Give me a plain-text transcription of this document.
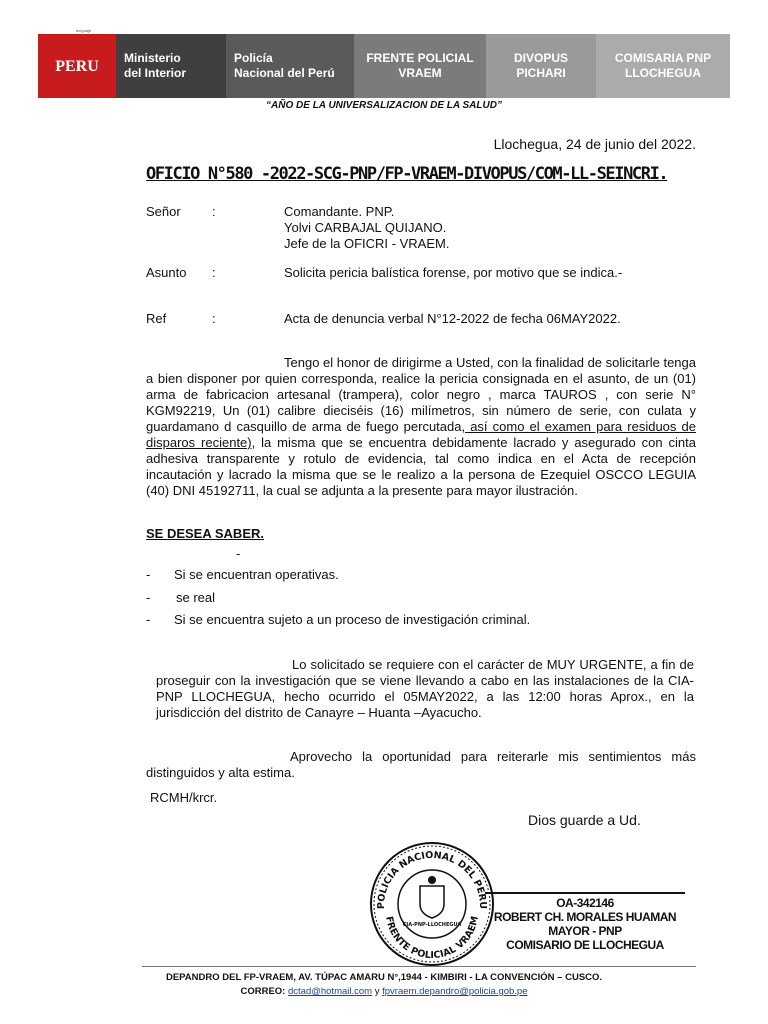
lenguaje
PERU Ministerio
del Interior
Policía
Nacional del Perú
FRENTE POLICIAL
VRAEM
DIVOPUS
PICHARI
COMISARIA PNP
LLOCHEGUA
“AÑO DE LA UNIVERSALIZACION DE LA SALUD”
Llochegua, 24 de junio del 2022.
OFICIO N°580 -2022-SCG-PNP/FP-VRAEM-DIVOPUS/COM-LL-SEINCRI.
Señor :	Comandante. PNP.
Yolvi CARBAJAL QUIJANO.
Jefe de la OFICRI - VRAEM.
Asunto :	Solicita pericia balística forense, por motivo que se indica.-
Ref	:	Acta de denuncia verbal N°12-2022 de fecha 06MAY2022.
Tengo el honor de dirigirme a Usted, con la finalidad de solicitarle tenga a bien disponer por quien corresponda, realice la pericia consignada en el asunto, de un (01) arma de fabricacion artesanal (trampera), color negro , marca TAUROS , con serie N° KGM92219, Un (01) calibre dieciséis (16) milímetros, sin número de serie, con culata y guardamano d casquillo de arma de fuego percutada, así como el examen para residuos de disparos reciente), la misma que se encuentra debidamente lacrado y asegurado con cinta adhesiva transparente y rotulo de evidencia, tal como indica en el Acta de recepción incautación y lacrado la misma que se le realizo a la persona de Ezequiel OSCCO LEGUIA (40) DNI 45192711, la cual se adjunta a la presente para mayor ilustración.
SE DESEA SABER.
-
- Si se encuentran operativas.
- se real
- Si se encuentra sujeto a un proceso de investigación criminal.
Lo solicitado se requiere con el carácter de MUY URGENTE, a fin de proseguir con la investigación que se viene llevando a cabo en las instalaciones de la CIA-PNP LLOCHEGUA, hecho ocurrido el 05MAY2022, a las 12:00 horas Aprox., en la jurisdicción del distrito de Canayre – Huanta –Ayacucho.
Aprovecho la oportunidad para reiterarle mis sentimientos más distinguidos y alta estima.
RCMH/krcr.
Dios guarde a Ud.
POLICIA NACIONAL DEL PERU
FRENTE POLICIAL VRAEM
CIA-PNP-LLOCHEGUA
OA-342146
ROBERT CH. MORALES HUAMAN
MAYOR - PNP
COMISARIO DE LLOCHEGUA
DEPANDRO DEL FP-VRAEM, AV. TÚPAC AMARU N°,1944 - KIMBIRI - LA CONVENCIÓN – CUSCO.
CORREO: dctad@hotmail.com y fpvraem.depandro@policia.gob.pe
